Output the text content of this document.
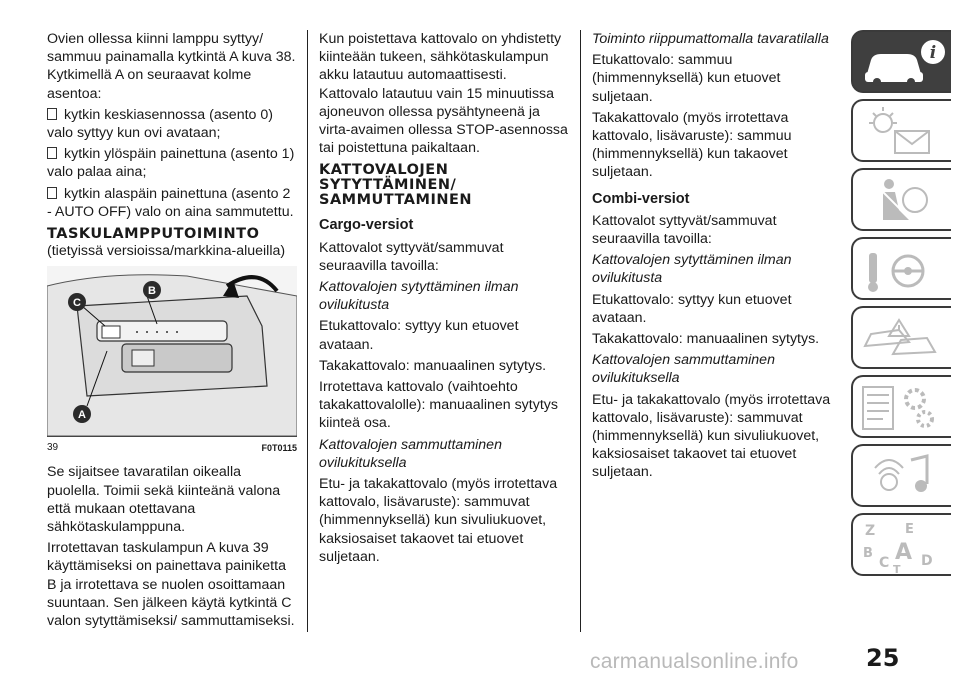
Ovien ollessa kiinni lamppu syttyy/ sammuu painamalla kytkintä A kuva 38. Kytkimellä A on seuraavat kolme asentoa:

kytkin keskiasennossa (asento 0) valo syttyy kun ovi avataan;

kytkin ylöspäin painettuna (asento 1) valo palaa aina;

kytkin alaspäin painettuna (asento 2 - AUTO OFF) valo on aina sammutettu.

TASKULAMPPUTOIMINTO

(tietyissä versioissa/markkina-alueilla)

A
B
C
39	F0T0115

Se sijaitsee tavaratilan oikealla puolella. Toimii sekä kiinteänä valona että mukaan otettavana sähkötaskulamppuna.

Irrotettavan taskulampun A kuva 39 käyttämiseksi on painettava painiketta B ja irrotettava se nuolen osoittamaan suuntaan. Sen jälkeen käytä kytkintä C valon sytyttämiseksi/ sammuttamiseksi.

Kun poistettava kattovalo on yhdistetty kiinteään tukeen, sähkötaskulampun akku latautuu automaattisesti. Kattovalo latautuu vain 15 minuutissa ajoneuvon ollessa pysähtyneenä ja virta-avaimen ollessa STOP-asennossa tai poistettuna paikaltaan.

KATTOVALOJEN SYTYTTÄMINEN/ SAMMUTTAMINEN
Cargo-versiot

Kattovalot syttyvät/sammuvat seuraavilla tavoilla:

Kattovalojen sytyttäminen ilman ovilukitusta

Etukattovalo: syttyy kun etuovet avataan.

Takakattovalo: manuaalinen sytytys.

Irrotettava kattovalo (vaihtoehto takakattovalolle): manuaalinen sytytys kiinteä osa.

Kattovalojen sammuttaminen ovilukituksella

Etu- ja takakattovalo (myös irrotettava kattovalo, lisävaruste): sammuvat (himmennyksellä) kun sivuliukuovet, kaksiosaiset takaovet tai etuovet suljetaan.

Toiminto riippumattomalla tavaratilalla

Etukattovalo: sammuu (himmennyksellä) kun etuovet suljetaan.

Takakattovalo (myös irrotettava kattovalo, lisävaruste): sammuu (himmennyksellä) kun takaovet suljetaan.

Combi-versiot

Kattovalot syttyvät/sammuvat seuraavilla tavoilla:

Kattovalojen sytyttäminen ilman ovilukitusta

Etukattovalo: syttyy kun etuovet avataan.

Takakattovalo: manuaalinen sytytys.

Kattovalojen sammuttaminen ovilukituksella

Etu- ja takakattovalo (myös irrotettava kattovalo, lisävaruste): sammuvat (himmennyksellä) kun sivuliukuovet, kaksiosaiset takaovet tai etuovet suljetaan.

i
Z E
B A
C D
T
carmanualsonline.info	25
